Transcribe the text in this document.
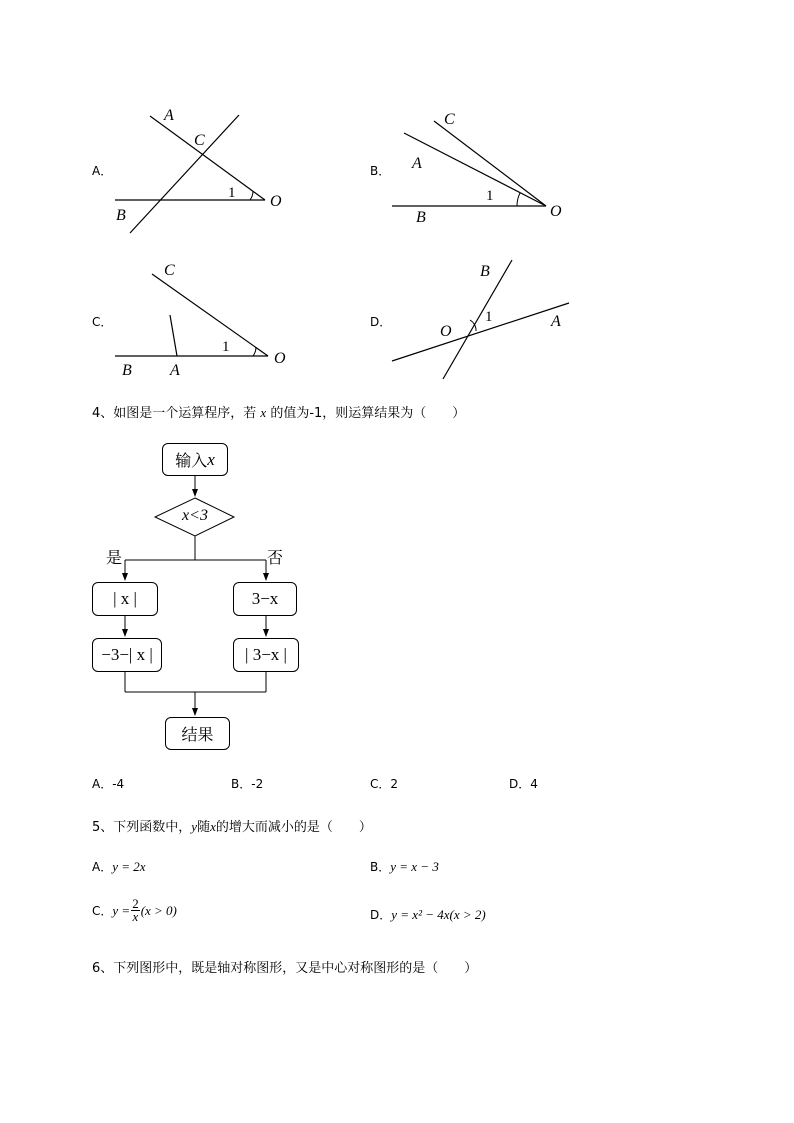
A．
A
C
B
O
1
B．
C
A
B	O
1
C．
C
B A
O
1
D．
B
O
A
1
4、如图是一个运算程序，若 x 的值为-1，则运算结果为（　　）
输入 x
x<3
是	否
| x |	3−x
−3−| x |	| 3−x |
结果
A．-4	B．-2	C．2	D．4
5、下列函数中，y随x的增大而减小的是（　　）
A．y = 2x	B．y = x − 3
C． $y = \frac{2}{x} (x > 0)$	D．y = x² − 4x(x > 2)
6、下列图形中，既是轴对称图形，又是中心对称图形的是（　　）
